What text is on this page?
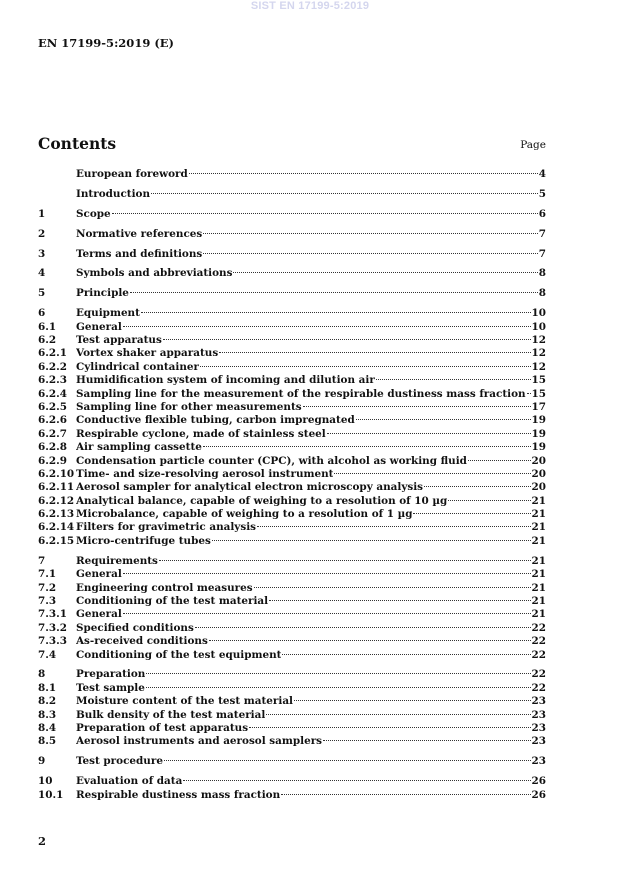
SIST EN 17199-5:2019
EN 17199-5:2019 (E)
Contents	Page
European foreword	4
Introduction	5
1	Scope	6
2	Normative references	7
3	Terms and definitions	7
4	Symbols and abbreviations	8
5	Principle	8
6	Equipment	10
6.1	General	10
6.2	Test apparatus	12
6.2.1 Vortex shaker apparatus	12
6.2.2 Cylindrical container	12
6.2.3 Humidification system of incoming and dilution air	15
6.2.4 Sampling line for the measurement of the respirable dustiness mass fraction 15
6.2.5 Sampling line for other measurements	17
6.2.6 Conductive flexible tubing, carbon impregnated	19
6.2.7 Respirable cyclone, made of stainless steel	19
6.2.8 Air sampling cassette	19
6.2.9 Condensation particle counter (CPC), with alcohol as working fluid	20
6.2.10 Time- and size-resolving aerosol instrument	20
6.2.11 Aerosol sampler for analytical electron microscopy analysis	20
6.2.12 Analytical balance, capable of weighing to a resolution of 10 µg	21
6.2.13 Microbalance, capable of weighing to a resolution of 1 µg	21
6.2.14 Filters for gravimetric analysis	21
6.2.15 Micro-centrifuge tubes	21
7	Requirements	21
7.1	General	21
7.2	Engineering control measures	21
7.3	Conditioning of the test material	21
7.3.1 General	21
7.3.2 Specified conditions	22
7.3.3 As-received conditions	22
7.4	Conditioning of the test equipment	22
8	Preparation	22
8.1	Test sample	22
8.2	Moisture content of the test material	23
8.3	Bulk density of the test material	23
8.4	Preparation of test apparatus	23
8.5	Aerosol instruments and aerosol samplers	23
9	Test procedure	23
10	Evaluation of data	26
10.1	Respirable dustiness mass fraction	26
2
